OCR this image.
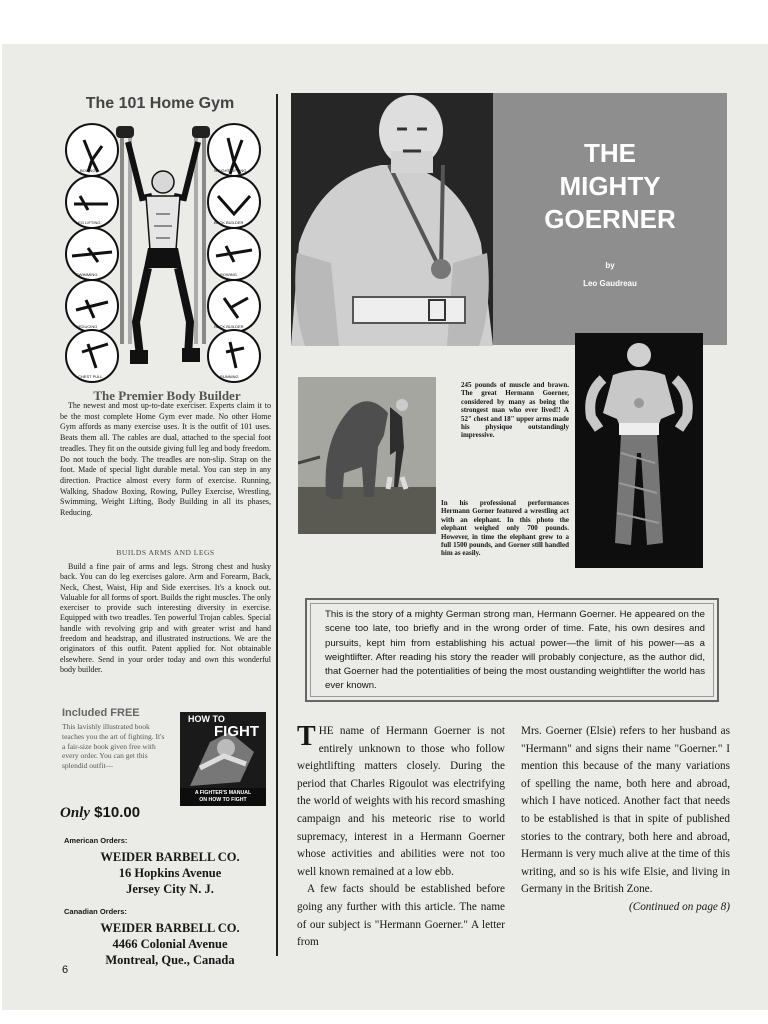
The 101 Home Gym
BOXING
LEG LIFTING
SWIMMING
REDUCING
CHEST PULL
WEIGHT LIFTING
BACK BUILDER
ROWING
NECK BUILDER
RUNNING
The Premier Body Builder
The newest and most up-to-date exerciser. Experts claim it to be the most complete Home Gym ever made. No other Home Gym affords as many exercise uses. It is the outfit of 101 uses. Beats them all. The cables are dual, attached to the special foot treadles. They fit on the outside giving full leg and body freedom. Do not touch the body. The treadles are non-slip. Strap on the foot. Made of special light durable metal. You can step in any direction. Practice almost every form of exercise. Running, Walking, Shadow Boxing, Rowing, Pulley Exercise, Wrestling, Swimming, Weight Lifting, Body Building in all its phases, Reducing.
BUILDS ARMS AND LEGS
Build a fine pair of arms and legs. Strong chest and husky back. You can do leg exercises galore. Arm and Forearm, Back, Neck, Chest, Waist, Hip and Side exercises. It's a knock out. Valuable for all forms of sport. Builds the right muscles. The only exerciser to provide such interesting diversity in exercise. Equipped with two treadles. Ten powerful Trojan cables. Special handle with revolving grip and with greater wrist and hand freedom and headstrap, and illustrated instructions. We are the originators of this outfit. Patent applied for. Not obtainable elsewhere. Send in your order today and own this wonderful body builder.
Included FREE
This lavishly illustrated book teaches you the art of fighting. It's a fair-size book given free with every order. You can get this splendid outfit—
HOW TO
FIGHT
A FIGHTER'S MANUAL
ON HOW TO FIGHT
Only $10.00
American Orders:
WEIDER BARBELL CO.
16 Hopkins Avenue
Jersey City N. J.
Canadian Orders:
WEIDER BARBELL CO.
4466 Colonial Avenue
Montreal, Que., Canada
6
THE
MIGHTY
GOERNER
by
Leo Gaudreau
245 pounds of muscle and brawn. The great Hermann Goerner, considered by many as being the strongest man who ever lived!! A 52" chest and 18" upper arms made his physique outstandingly impressive.
In his professional performances Hermann Gorner featured a wrestling act with an elephant. In this photo the elephant weighed only 700 pounds. However, in time the elephant grew to a full 1500 pounds, and Gorner still handled him as easily.
This is the story of a mighty German strong man, Hermann Goerner. He appeared on the scene too late, too briefly and in the wrong order of time. Fate, his own desires and pursuits, kept him from establishing his actual power—the limit of his power—as a weightlifter. After reading his story the reader will probably conjecture, as the author did, that Goerner had the potentialities of being the most oustanding weightlifter the world has ever known.
T HE name of Hermann Goerner is not entirely unknown to those who follow weightlifting matters closely. During the period that Charles Rigoulot was electrifying the world of weights with his record smashing campaign and his meteoric rise to world supremacy, interest in a Hermann Goerner whose activities and abilities were not too well known remained at a low ebb.
A few facts should be established before going any further with this article. The name of our subject is "Hermann Goerner." A letter from
Mrs. Goerner (Elsie) refers to her husband as "Hermann" and signs their name "Goerner." I mention this because of the many variations of spelling the name, both here and abroad, which I have noticed. Another fact that needs to be established is that in spite of published stories to the contrary, both here and abroad, Hermann is very much alive at the time of this writing, and so is his wife Elsie, and living in Germany in the British Zone.
(Continued on page 8)
